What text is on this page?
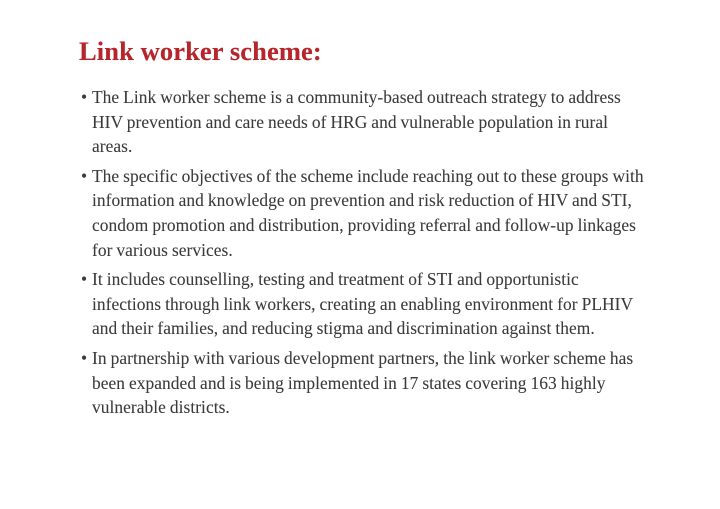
Link worker scheme:
• The Link worker scheme is a community-based outreach strategy to address HIV prevention and care needs of HRG and vulnerable population in rural areas.
• The specific objectives of the scheme include reaching out to these groups with information and knowledge on prevention and risk reduction of HIV and STI, condom promotion and distribution, providing referral and follow-up linkages for various services.
• It includes counselling, testing and treatment of STI and opportunistic infections through link workers, creating an enabling environment for PLHIV and their families, and reducing stigma and discrimination against them.
• In partnership with various development partners, the link worker scheme has been expanded and is being implemented in 17 states covering 163 highly vulnerable districts.
